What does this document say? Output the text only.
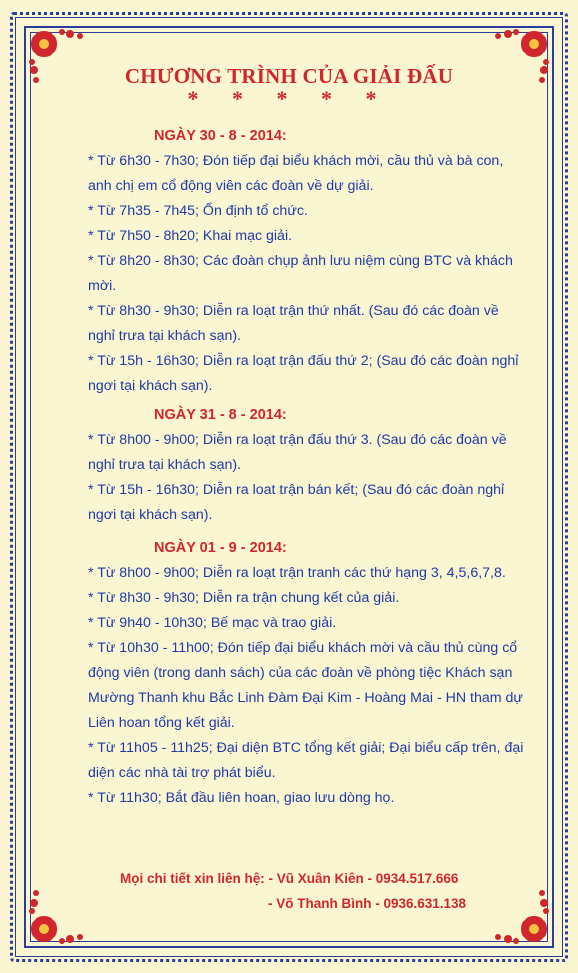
CHƯƠNG TRÌNH CỦA GIẢI ĐẤU
* * * * *
NGÀY 30 - 8 - 2014:

* Từ 6h30 - 7h30; Đón tiếp đại biểu khách mời, cầu thủ và bà con, anh chị em cổ động viên các đoàn về dự giải.

* Từ 7h35 - 7h45; Ổn định tổ chức.

* Từ 7h50 - 8h20; Khai mạc giải.

* Từ 8h20 - 8h30; Các đoàn chụp ảnh lưu niệm cùng BTC và khách mời.

* Từ 8h30 - 9h30; Diễn ra loạt trận thứ nhất. (Sau đó các đoàn về nghỉ trưa tại khách sạn).

* Từ 15h - 16h30; Diễn ra loạt trận đấu thứ 2; (Sau đó các đoàn nghỉ ngơi tại khách sạn).

NGÀY 31 - 8 - 2014:

* Từ 8h00 - 9h00; Diễn ra loạt trận đấu thứ 3. (Sau đó các đoàn về nghỉ trưa tại khách sạn).

* Từ 15h - 16h30; Diễn ra loat trận bán kết; (Sau đó các đoàn nghỉ ngơi tại khách sạn).

NGÀY 01 - 9 - 2014:

* Từ 8h00 - 9h00; Diễn ra loạt trận tranh các thứ hạng 3, 4,5,6,7,8.

* Từ 8h30 - 9h30; Diễn ra trận chung kết của giải.

* Từ 9h40 - 10h30; Bế mạc và trao giải.

* Từ 10h30 - 11h00; Đón tiếp đại biểu khách mời và cầu thủ cùng cổ động viên (trong danh sách) của các đoàn về phòng tiệc Khách sạn Mường Thanh khu Bắc Linh Đàm Đại Kim - Hoàng Mai - HN tham dự Liên hoan tổng kết giải.

* Từ 11h05 - 11h25; Đại diện BTC tổng kết giải; Đại biểu cấp trên, đại diện các nhà tài trợ phát biểu.

* Từ 11h30; Bắt đầu liên hoan, giao lưu dòng họ.

Mọi chi tiết xin liên hệ: - Vũ Xuân Kiên - 0934.517.666
- Võ Thanh Bình - 0936.631.138
